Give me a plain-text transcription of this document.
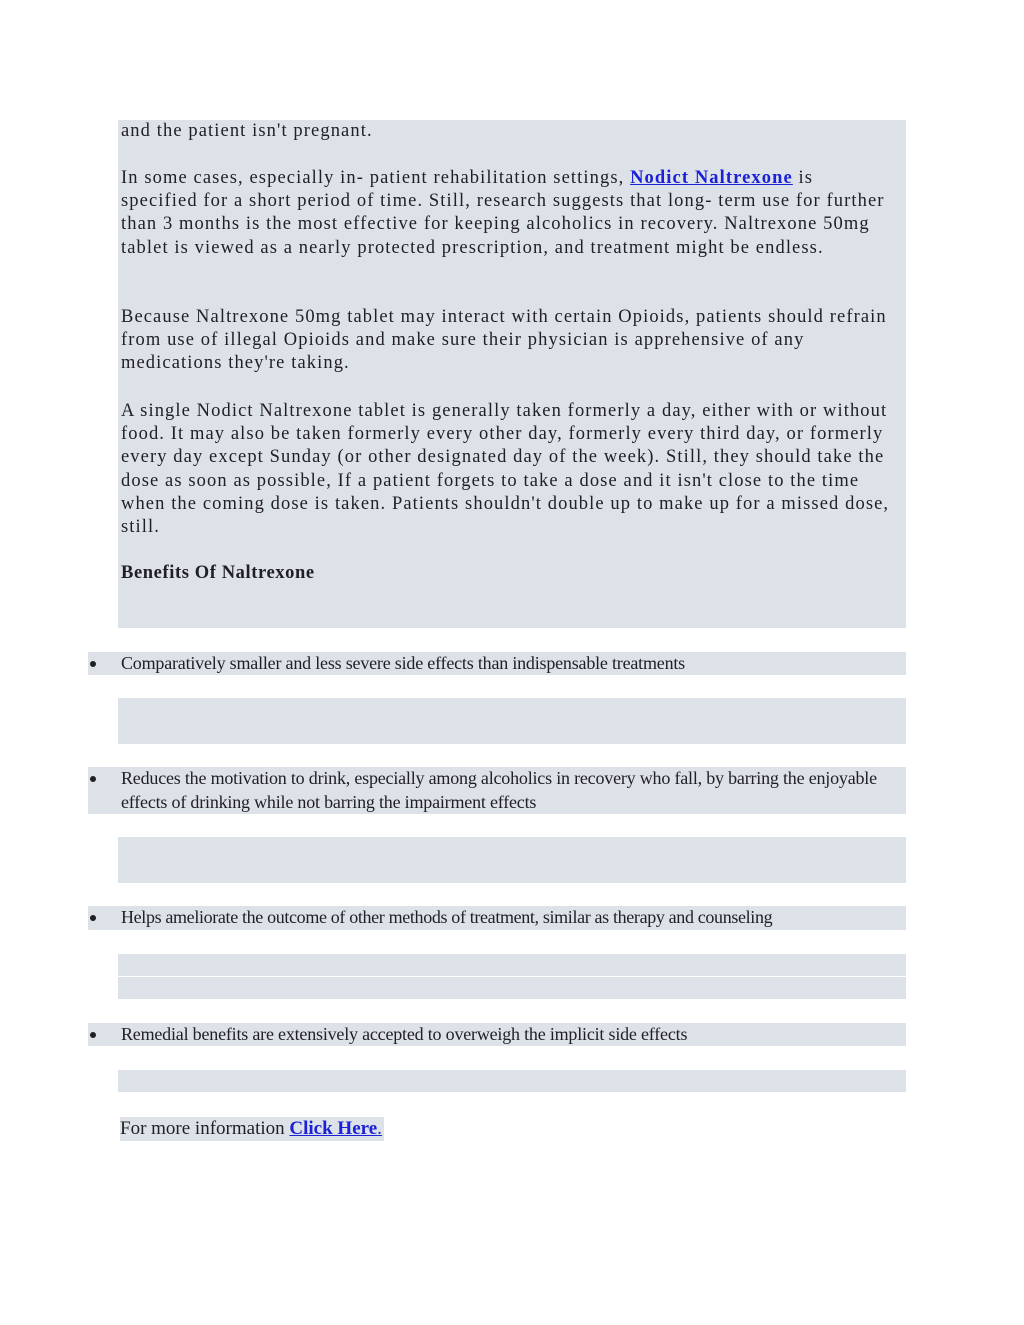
and the patient isn't pregnant.

In some cases, especially in- patient rehabilitation settings, Nodict Naltrexone is specified for a short period of time. Still, research suggests that long- term use for further than 3 months is the most effective for keeping alcoholics in recovery. Naltrexone 50mg tablet is viewed as a nearly protected prescription, and treatment might be endless.

Because Naltrexone 50mg tablet may interact with certain Opioids, patients should refrain from use of illegal Opioids and make sure their physician is apprehensive of any medications they're taking.

A single Nodict Naltrexone tablet is generally taken formerly a day, either with or without food. It may also be taken formerly every other day, formerly every third day, or formerly every day except Sunday (or other designated day of the week). Still, they should take the dose as soon as possible, If a patient forgets to take a dose and it isn't close to the time when the coming dose is taken. Patients shouldn't double up to make up for a missed dose, still.

Benefits Of Naltrexone

Comparatively smaller and less severe side effects than indispensable treatments

Reduces the motivation to drink, especially among alcoholics in recovery who fall, by barring the enjoyable effects of drinking while not barring the impairment effects

Helps ameliorate the outcome of other methods of treatment, similar as therapy and counseling

Remedial benefits are extensively accepted to overweigh the implicit side effects

For more information Click Here.
